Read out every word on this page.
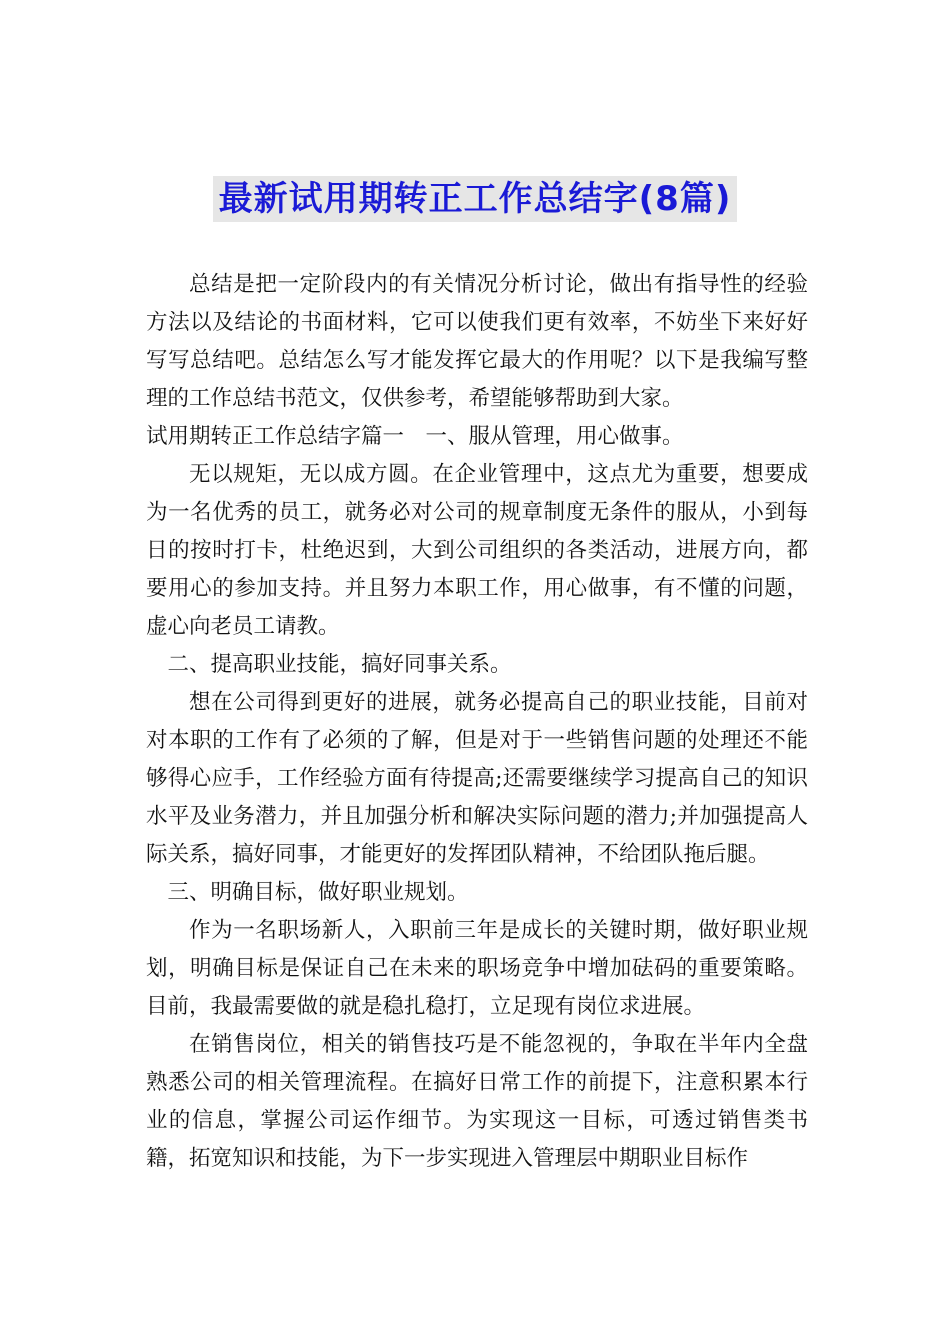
最新试用期转正工作总结字(8篇)

总结是把一定阶段内的有关情况分析讨论，做出有指导性的经验方法以及结论的书面材料，它可以使我们更有效率，不妨坐下来好好写写总结吧。总结怎么写才能发挥它最大的作用呢？以下是我编写整理的工作总结书范文，仅供参考，希望能够帮助到大家。

试用期转正工作总结字篇一　一、服从管理，用心做事。

无以规矩，无以成方圆。在企业管理中，这点尤为重要，想要成为一名优秀的员工，就务必对公司的规章制度无条件的服从，小到每日的按时打卡，杜绝迟到，大到公司组织的各类活动，进展方向，都要用心的参加支持。并且努力本职工作，用心做事，有不懂的问题，虚心向老员工请教。

二、提高职业技能，搞好同事关系。

想在公司得到更好的进展，就务必提高自己的职业技能，目前对对本职的工作有了必须的了解，但是对于一些销售问题的处理还不能够得心应手，工作经验方面有待提高;还需要继续学习提高自己的知识水平及业务潜力，并且加强分析和解决实际问题的潜力;并加强提高人际关系，搞好同事，才能更好的发挥团队精神，不给团队拖后腿。

三、明确目标，做好职业规划。

作为一名职场新人，入职前三年是成长的关键时期，做好职业规划，明确目标是保证自己在未来的职场竞争中增加砝码的重要策略。目前，我最需要做的就是稳扎稳打，立足现有岗位求进展。

在销售岗位，相关的销售技巧是不能忽视的，争取在半年内全盘熟悉公司的相关管理流程。在搞好日常工作的前提下，注意积累本行业的信息，掌握公司运作细节。为实现这一目标，可透过销售类书籍，拓宽知识和技能，为下一步实现进入管理层中期职业目标作
